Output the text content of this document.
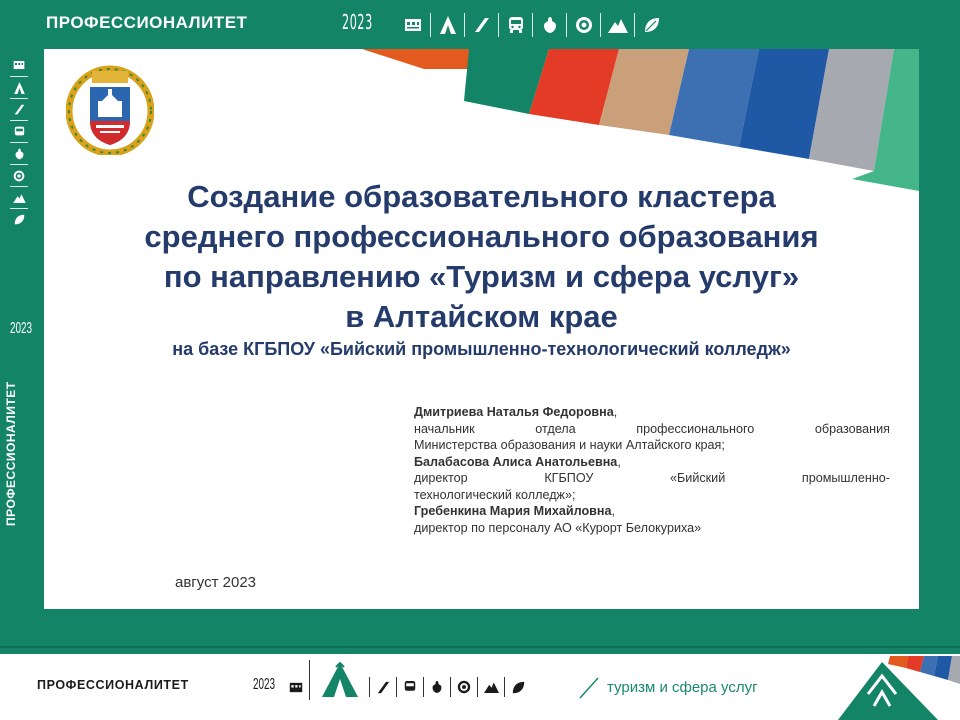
ПРОФЕССИОНАЛИТЕТ	2023
2023
ПРОФЕССИОНАЛИТЕТ
Создание образовательного кластера
среднего профессионального образования
по направлению «Туризм и сфера услуг»
в Алтайском крае
на базе КГБПОУ «Бийский промышленно-технологический колледж»
Дмитриева Наталья Федоровна,
начальник отдела профессионального образования
Министерства образования и науки Алтайского края;
Балабасова Алиса Анатольевна,
директор КГБПОУ «Бийский промышленно-
технологический колледж»;
Гребенкина Мария Михайловна,
директор по персоналу АО «Курорт Белокуриха»
август 2023
ПРОФЕССИОНАЛИТЕТ	2023	туризм и сфера услуг
